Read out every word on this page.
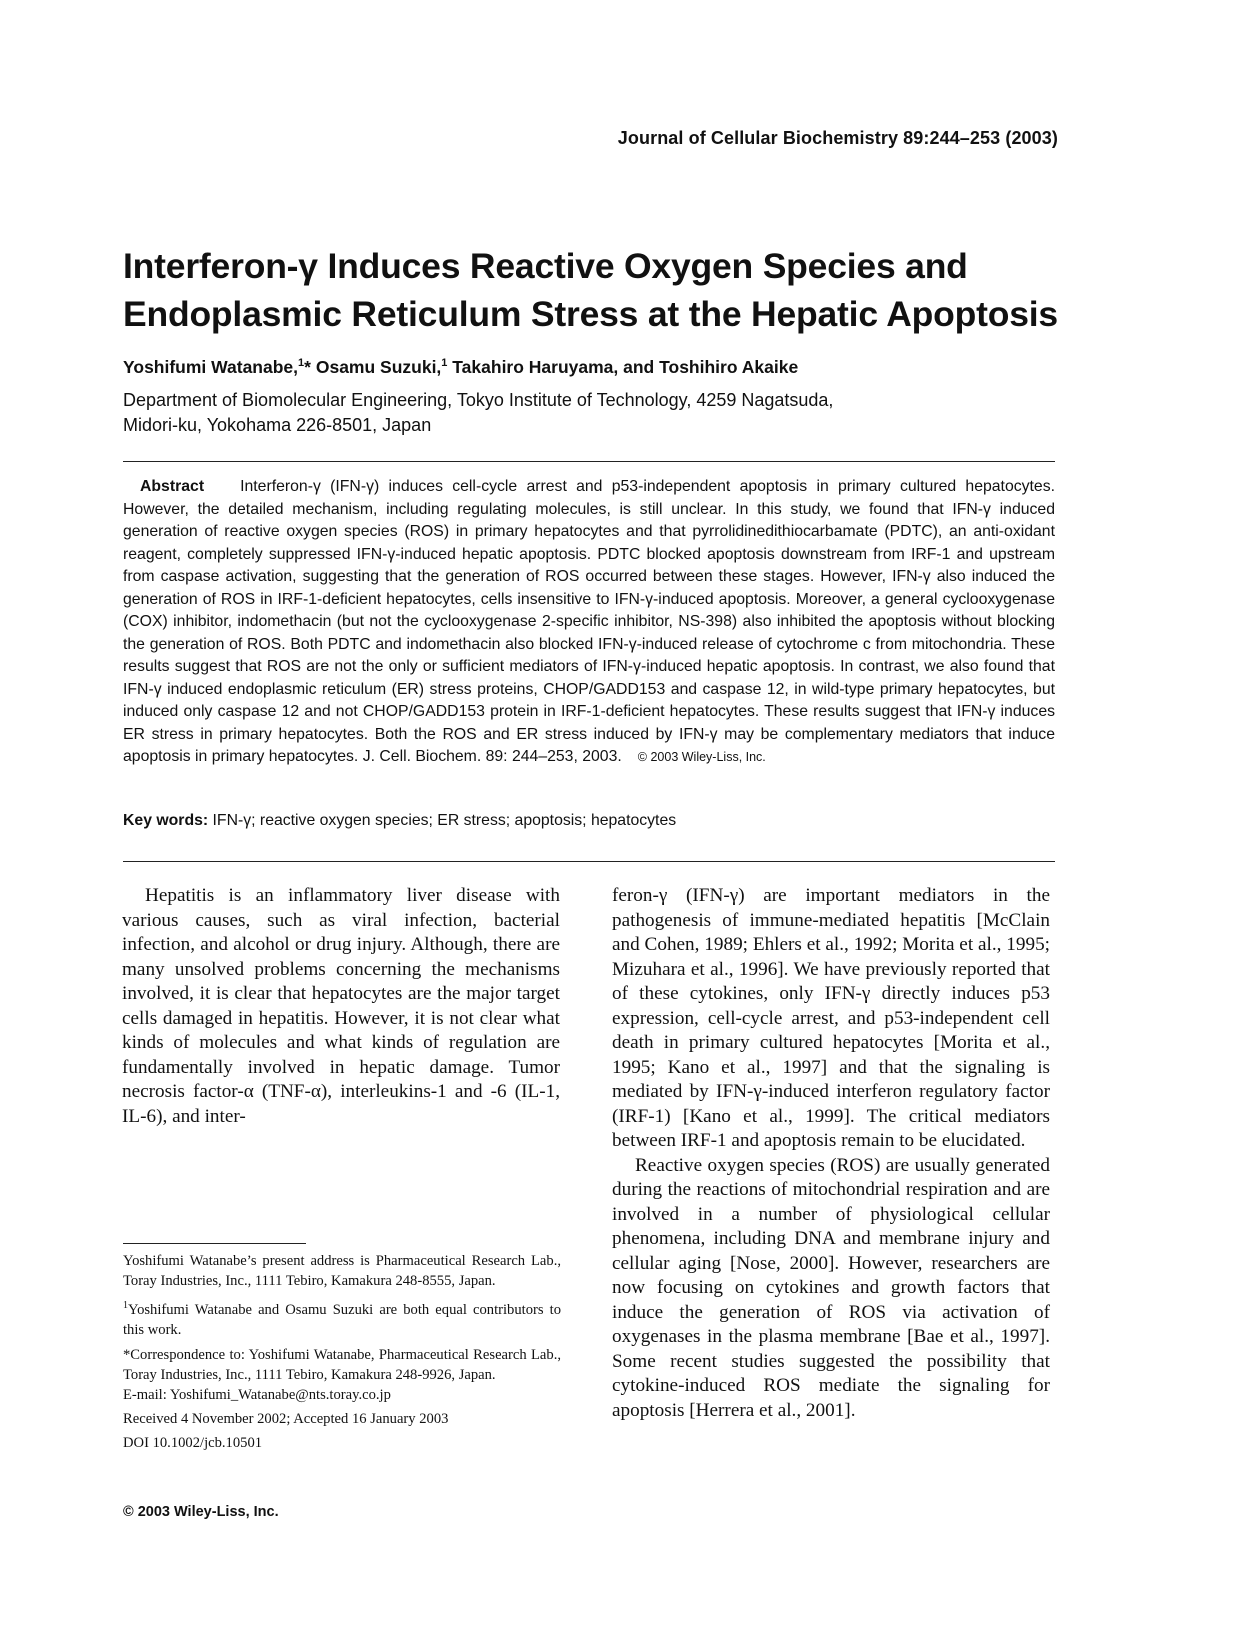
Journal of Cellular Biochemistry 89:244–253 (2003)
Interferon-γ Induces Reactive Oxygen Species and
Endoplasmic Reticulum Stress at the Hepatic Apoptosis
Yoshifumi Watanabe,$^1$* Osamu Suzuki,$^1$ Takahiro Haruyama, and Toshihiro Akaike
Department of Biomolecular Engineering, Tokyo Institute of Technology, 4259 Nagatsuda,
Midori-ku, Yokohama 226-8501, Japan
Abstract Interferon-γ (IFN-γ) induces cell-cycle arrest and p53-independent apoptosis in primary cultured hepatocytes. However, the detailed mechanism, including regulating molecules, is still unclear. In this study, we found that IFN-γ induced generation of reactive oxygen species (ROS) in primary hepatocytes and that pyrrolidinedithiocarbamate (PDTC), an anti-oxidant reagent, completely suppressed IFN-γ-induced hepatic apoptosis. PDTC blocked apoptosis downstream from IRF-1 and upstream from caspase activation, suggesting that the generation of ROS occurred between these stages. However, IFN-γ also induced the generation of ROS in IRF-1-deficient hepatocytes, cells insensitive to IFN-γ-induced apoptosis. Moreover, a general cyclooxygenase (COX) inhibitor, indomethacin (but not the cyclooxygenase 2-specific inhibitor, NS-398) also inhibited the apoptosis without blocking the generation of ROS. Both PDTC and indomethacin also blocked IFN-γ-induced release of cytochrome c from mitochondria. These results suggest that ROS are not the only or sufficient mediators of IFN-γ-induced hepatic apoptosis. In contrast, we also found that IFN-γ induced endoplasmic reticulum (ER) stress proteins, CHOP/GADD153 and caspase 12, in wild-type primary hepatocytes, but induced only caspase 12 and not CHOP/GADD153 protein in IRF-1-deficient hepatocytes. These results suggest that IFN-γ induces ER stress in primary hepatocytes. Both the ROS and ER stress induced by IFN-γ may be complementary mediators that induce apoptosis in primary hepatocytes. J. Cell. Biochem. 89: 244–253, 2003. © 2003 Wiley-Liss, Inc.
Key words: IFN-γ; reactive oxygen species; ER stress; apoptosis; hepatocytes

Hepatitis is an inflammatory liver disease with various causes, such as viral infection, bacterial infection, and alcohol or drug injury. Although, there are many unsolved problems concerning the mechanisms involved, it is clear that hepatocytes are the major target cells damaged in hepatitis. However, it is not clear what kinds of molecules and what kinds of regulation are fundamentally involved in hepatic damage. Tumor necrosis factor-α (TNF-α), interleukins-1 and -6 (IL-1, IL-6), and inter-

feron-γ (IFN-γ) are important mediators in the pathogenesis of immune-mediated hepatitis [McClain and Cohen, 1989; Ehlers et al., 1992; Morita et al., 1995; Mizuhara et al., 1996]. We have previously reported that of these cytokines, only IFN-γ directly induces p53 expression, cell-cycle arrest, and p53-independent cell death in primary cultured hepatocytes [Morita et al., 1995; Kano et al., 1997] and that the signaling is mediated by IFN-γ-induced interferon regulatory factor (IRF-1) [Kano et al., 1999]. The critical mediators between IRF-1 and apoptosis remain to be elucidated.

Reactive oxygen species (ROS) are usually generated during the reactions of mitochondrial respiration and are involved in a number of physiological cellular phenomena, including DNA and membrane injury and cellular aging [Nose, 2000]. However, researchers are now focusing on cytokines and growth factors that induce the generation of ROS via activation of oxygenases in the plasma membrane [Bae et al., 1997]. Some recent studies suggested the possibility that cytokine-induced ROS mediate the signaling for apoptosis [Herrera et al., 2001].

Yoshifumi Watanabe’s present address is Pharmaceutical Research Lab., Toray Industries, Inc., 1111 Tebiro, Kamakura 248-8555, Japan.

$^1$Yoshifumi Watanabe and Osamu Suzuki are both equal contributors to this work.

*Correspondence to: Yoshifumi Watanabe, Pharmaceutical Research Lab., Toray Industries, Inc., 1111 Tebiro, Kamakura 248-9926, Japan.
E-mail: Yoshifumi_Watanabe@nts.toray.co.jp

Received 4 November 2002; Accepted 16 January 2003

DOI 10.1002/jcb.10501

© 2003 Wiley-Liss, Inc.
